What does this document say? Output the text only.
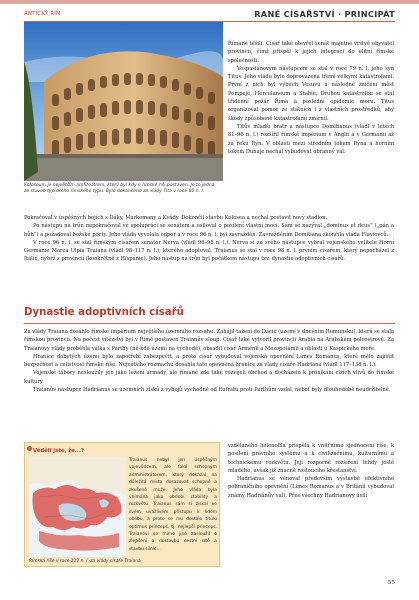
ANTICKÝ ŘÍM	RANÉ CÍSAŘSTVÍ · PRINCIPÁT
Koloseum je největším amfiteátrem, který byl kdy v římské říši postaven. Je to jedna ze staveb typického římského typu. Bylo dokončeno za vlády Tita v roce 80 n. l.

Římané těšili. Císař také otevřel senát majetné vrstvě obyvatel provincií, čímž přispěl k jejich integraci do elitní římské společnosti.

Vespasiánovým nástupcem se stal v roce 79 n. l. jeho syn Titus. Jeho vládu bylo doprovázena třemi velkými katastrofami. První z nich byl výbuch Vesuvu a následné zničení měst Pompeje, Herculaneum a Stabie. Druhou katastrofou se stal třídenní požár Říma a poslední epidemie moru. Titus organizoval pomoc ze státních i z vlastních prostředků, aby škody způsobené katastrofami zmírnil.

Titův mladší bratr a nástupce Domitianus (vládl v letech 81–96 n. l.) rozšířil římské impérium v Anglii a v Germánii až za řeku Rýn. V oblasti mezi středním tokem Rýna a horním tokem Dunaje nechal vybudovat obranný val.

Pokračoval v úspěšných bojích s Dáky, Markomany a Kvády. Dokončil stavbu Kolosea a nechal postavit nový stadion.

Po nástupu na trůn nepokračoval ve spolupráci se senátem a usiloval o posílení vlastní moci. Sám se nazýval „dominus et deus” („pán a bůh”) a požadoval božské pocty. Jeho vláda vyvolala odpor a v roce 96 n. l. byl zavražděn. Zavražděním Domitiana skončila vláda Flaviovců.

V roce 96 n. l. se stal římským císařem senátor Nerva (vládl 96–98 n. l.). Nerva si za svého nástupce vybral vojenského velitele Horní Germánie Marca Ulpia Traiana (vládl 98–117 n. l.), kterého adoptoval. Traianus se stal v roce 98 n. l. prvním císařem, který nepocházel z Itálie, nýbrž z provincií (konkrétně z Hispánie). Jeho nástup na trůn byl počátkem nástupu tzv. dynastie adoptivních císařů.

Dynastie adoptivních císařů

Za vlády Traiana dosáhlo římské impérium největšího územního rozsahu. Zahájil tažení do Dácie (území v dnešním Rumunsku), která se stala římskou provincií. Na počest vítězství byl v Římě postaven Traianův sloup. Císař také vytvořil provincii Arabia na Arabském poloostrově. Za Traianovy vlády proběhla válka s Parthy (ně-kdo území na východě), obsadil císař Arménii a Mezopotámii a oblasti u Kaspického moře.

Hranice dobytých území bylo zapotřebí zabezpečit, a proto císař vybudoval vojenská opevnění Limes Romanus, které mělo zajistit bezpečnost a celistvost římské říše. Největšího rozmachu dosáhla tato opevněná hranice za vlády císaře Hadriana (vládl 117–138 n. l.).

Vojenské tábory nesloužily jen jako ležení armády, ale římané zde také rozvíjeli obchod a docházelo k pronikání cizích vlivů do římské kultury.

Traianův nástupce Hadrianus se územních zisků z výbojů východně od Eufratu proti Parthům vzdal, neboť byly dlouhodobě neudržitelné.

Věděli jste, že...?
Traianus nebyl jen úspěšným vojevůdcem, ale také schopným administrátorem, který dokázal na důležitá místa dosazovat schopné a zkušené muže. Jeho vláda byla vnímána jako období stability a rozkvětu. Traianus sám si získal ve svém uvážlivém přístupu k lidem oblibu, a proto se mu dostalo titulu optimus princeps, tj. nejlepší princeps. Traianovi se mimo jiné zasloužil o zlepšení a dostavbu cestní sítě a stavbu silnic...
Římská říše v roce 117 n. l. za vlády císaře Traiana

vzdělaného helenofila přispěla k vnitřnímu sjednocení říše, k posílení právního systému a k civilizačnímu, kulturnímu a technickému rozkvětu. Její rozporně rozšíření tehdy ještě mladého, avšak již značně rostoucího křesťanství.

Hadrianus se věnoval především výstavbě efektivního pohraničního opevnění (Limes Romanus a v Británii vybudoval známý Hadriánův val). Přes všechny Hadrianovy úsilí

55
